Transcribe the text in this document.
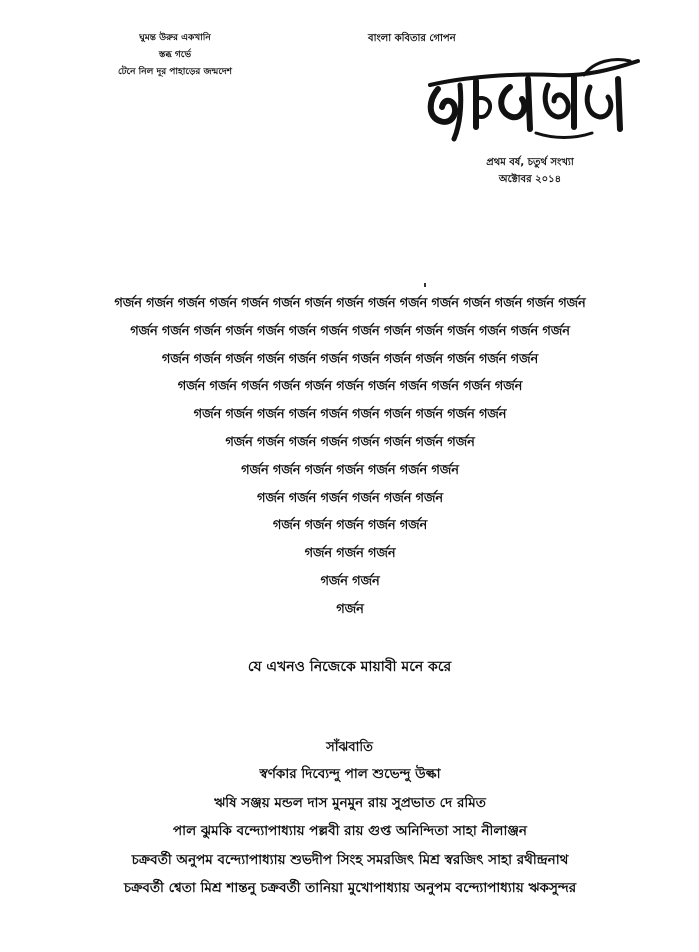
ঘুমন্ত উরুর একখানি
স্তব্ধ গর্ভে
টেনে নিল দূর পাহাড়ের জন্মদেশ
বাংলা কবিতার গোপন
প্রথম বর্ষ, চতুর্থ সংখ্যা
অক্টোবর ২০১৪
গর্জন গর্জন গর্জন গর্জন গর্জন গর্জন গর্জন গর্জন গর্জন গর্জন গর্জন গর্জন গর্জন গর্জন গর্জন
গর্জন গর্জন গর্জন গর্জন গর্জন গর্জন গর্জন গর্জন গর্জন গর্জন গর্জন গর্জন গর্জন গর্জন
গর্জন গর্জন গর্জন গর্জন গর্জন গর্জন গর্জন গর্জন গর্জন গর্জন গর্জন গর্জন
গর্জন গর্জন গর্জন গর্জন গর্জন গর্জন গর্জন গর্জন গর্জন গর্জন গর্জন
গর্জন গর্জন গর্জন গর্জন গর্জন গর্জন গর্জন গর্জন গর্জন গর্জন
গর্জন গর্জন গর্জন গর্জন গর্জন গর্জন গর্জন গর্জন
গর্জন গর্জন গর্জন গর্জন গর্জন গর্জন গর্জন
গর্জন গর্জন গর্জন গর্জন গর্জন গর্জন
গর্জন গর্জন গর্জন গর্জন গর্জন
গর্জন গর্জন গর্জন
গর্জন গর্জন
গর্জন
যে এখনও নিজেকে মায়াবী মনে করে
সাঁঝবাতি
স্বর্ণকার দিব্যেন্দু পাল শুভেন্দু উল্কা
ঋষি সঞ্জয় মন্ডল দাস মুনমুন রায় সুপ্রভাত দে রমিত
পাল ঝুমকি বন্দ্যোপাধ্যায় পল্লবী রায় গুপ্ত অনিন্দিতা সাহা নীলাঞ্জন
চক্রবর্তী অনুপম বন্দ্যোপাধ্যায় শুভদীপ সিংহ সমরজিৎ মিশ্র স্বরজিৎ সাহা রথীন্দ্রনাথ
চক্রবর্তী শ্বেতা মিশ্র শান্তনু চক্রবর্তী তানিয়া মুখোপাধ্যায় অনুপম বন্দ্যোপাধ্যায় ঋকসুন্দর
